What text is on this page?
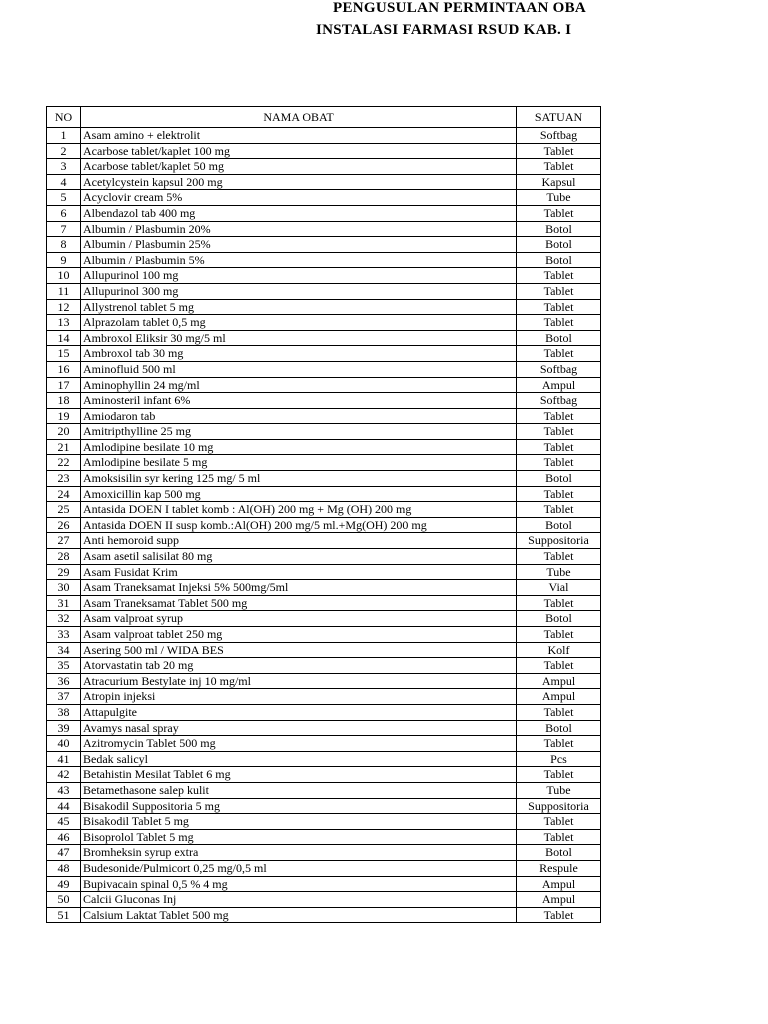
PENGUSULAN PERMINTAAN OBA
INSTALASI FARMASI RSUD KAB. I
NO	NAMA OBAT	SATUAN
1	Asam amino + elektrolit	Softbag
2	Acarbose tablet/kaplet 100 mg	Tablet
3	Acarbose tablet/kaplet 50 mg	Tablet
4	Acetylcystein kapsul 200 mg	Kapsul
5	Acyclovir cream 5%	Tube
6	Albendazol tab 400 mg	Tablet
7	Albumin / Plasbumin 20%	Botol
8	Albumin / Plasbumin 25%	Botol
9	Albumin / Plasbumin 5%	Botol
10	Allupurinol 100 mg	Tablet
11	Allupurinol 300 mg	Tablet
12	Allystrenol tablet 5 mg	Tablet
13	Alprazolam tablet 0,5 mg	Tablet
14	Ambroxol Eliksir 30 mg/5 ml	Botol
15	Ambroxol tab 30 mg	Tablet
16	Aminofluid 500 ml	Softbag
17	Aminophyllin 24 mg/ml	Ampul
18	Aminosteril infant 6%	Softbag
19	Amiodaron tab	Tablet
20	Amitripthylline 25 mg	Tablet
21	Amlodipine besilate 10 mg	Tablet
22	Amlodipine besilate 5 mg	Tablet
23	Amoksisilin syr kering 125 mg/ 5 ml	Botol
24	Amoxicillin kap 500 mg	Tablet
25	Antasida DOEN I tablet komb : Al(OH) 200 mg + Mg (OH) 200 mg	Tablet
26	Antasida DOEN II susp komb.:Al(OH) 200 mg/5 ml.+Mg(OH) 200 mg	Botol
27	Anti hemoroid supp	Suppositoria
28	Asam asetil salisilat 80 mg	Tablet
29	Asam Fusidat Krim	Tube
30	Asam Traneksamat Injeksi 5% 500mg/5ml	Vial
31	Asam Traneksamat Tablet 500 mg	Tablet
32	Asam valproat syrup	Botol
33	Asam valproat tablet 250 mg	Tablet
34	Asering 500 ml / WIDA BES	Kolf
35	Atorvastatin tab 20 mg	Tablet
36	Atracurium Bestylate inj 10 mg/ml	Ampul
37	Atropin injeksi	Ampul
38	Attapulgite	Tablet
39	Avamys nasal spray	Botol
40	Azitromycin Tablet 500 mg	Tablet
41	Bedak salicyl	Pcs
42	Betahistin Mesilat Tablet 6 mg	Tablet
43	Betamethasone salep kulit	Tube
44	Bisakodil Suppositoria 5 mg	Suppositoria
45	Bisakodil Tablet 5 mg	Tablet
46	Bisoprolol Tablet 5 mg	Tablet
47	Bromheksin syrup extra	Botol
48	Budesonide/Pulmicort 0,25 mg/0,5 ml	Respule
49	Bupivacain spinal 0,5 % 4 mg	Ampul
50	Calcii Gluconas Inj	Ampul
51	Calsium Laktat Tablet 500 mg	Tablet
